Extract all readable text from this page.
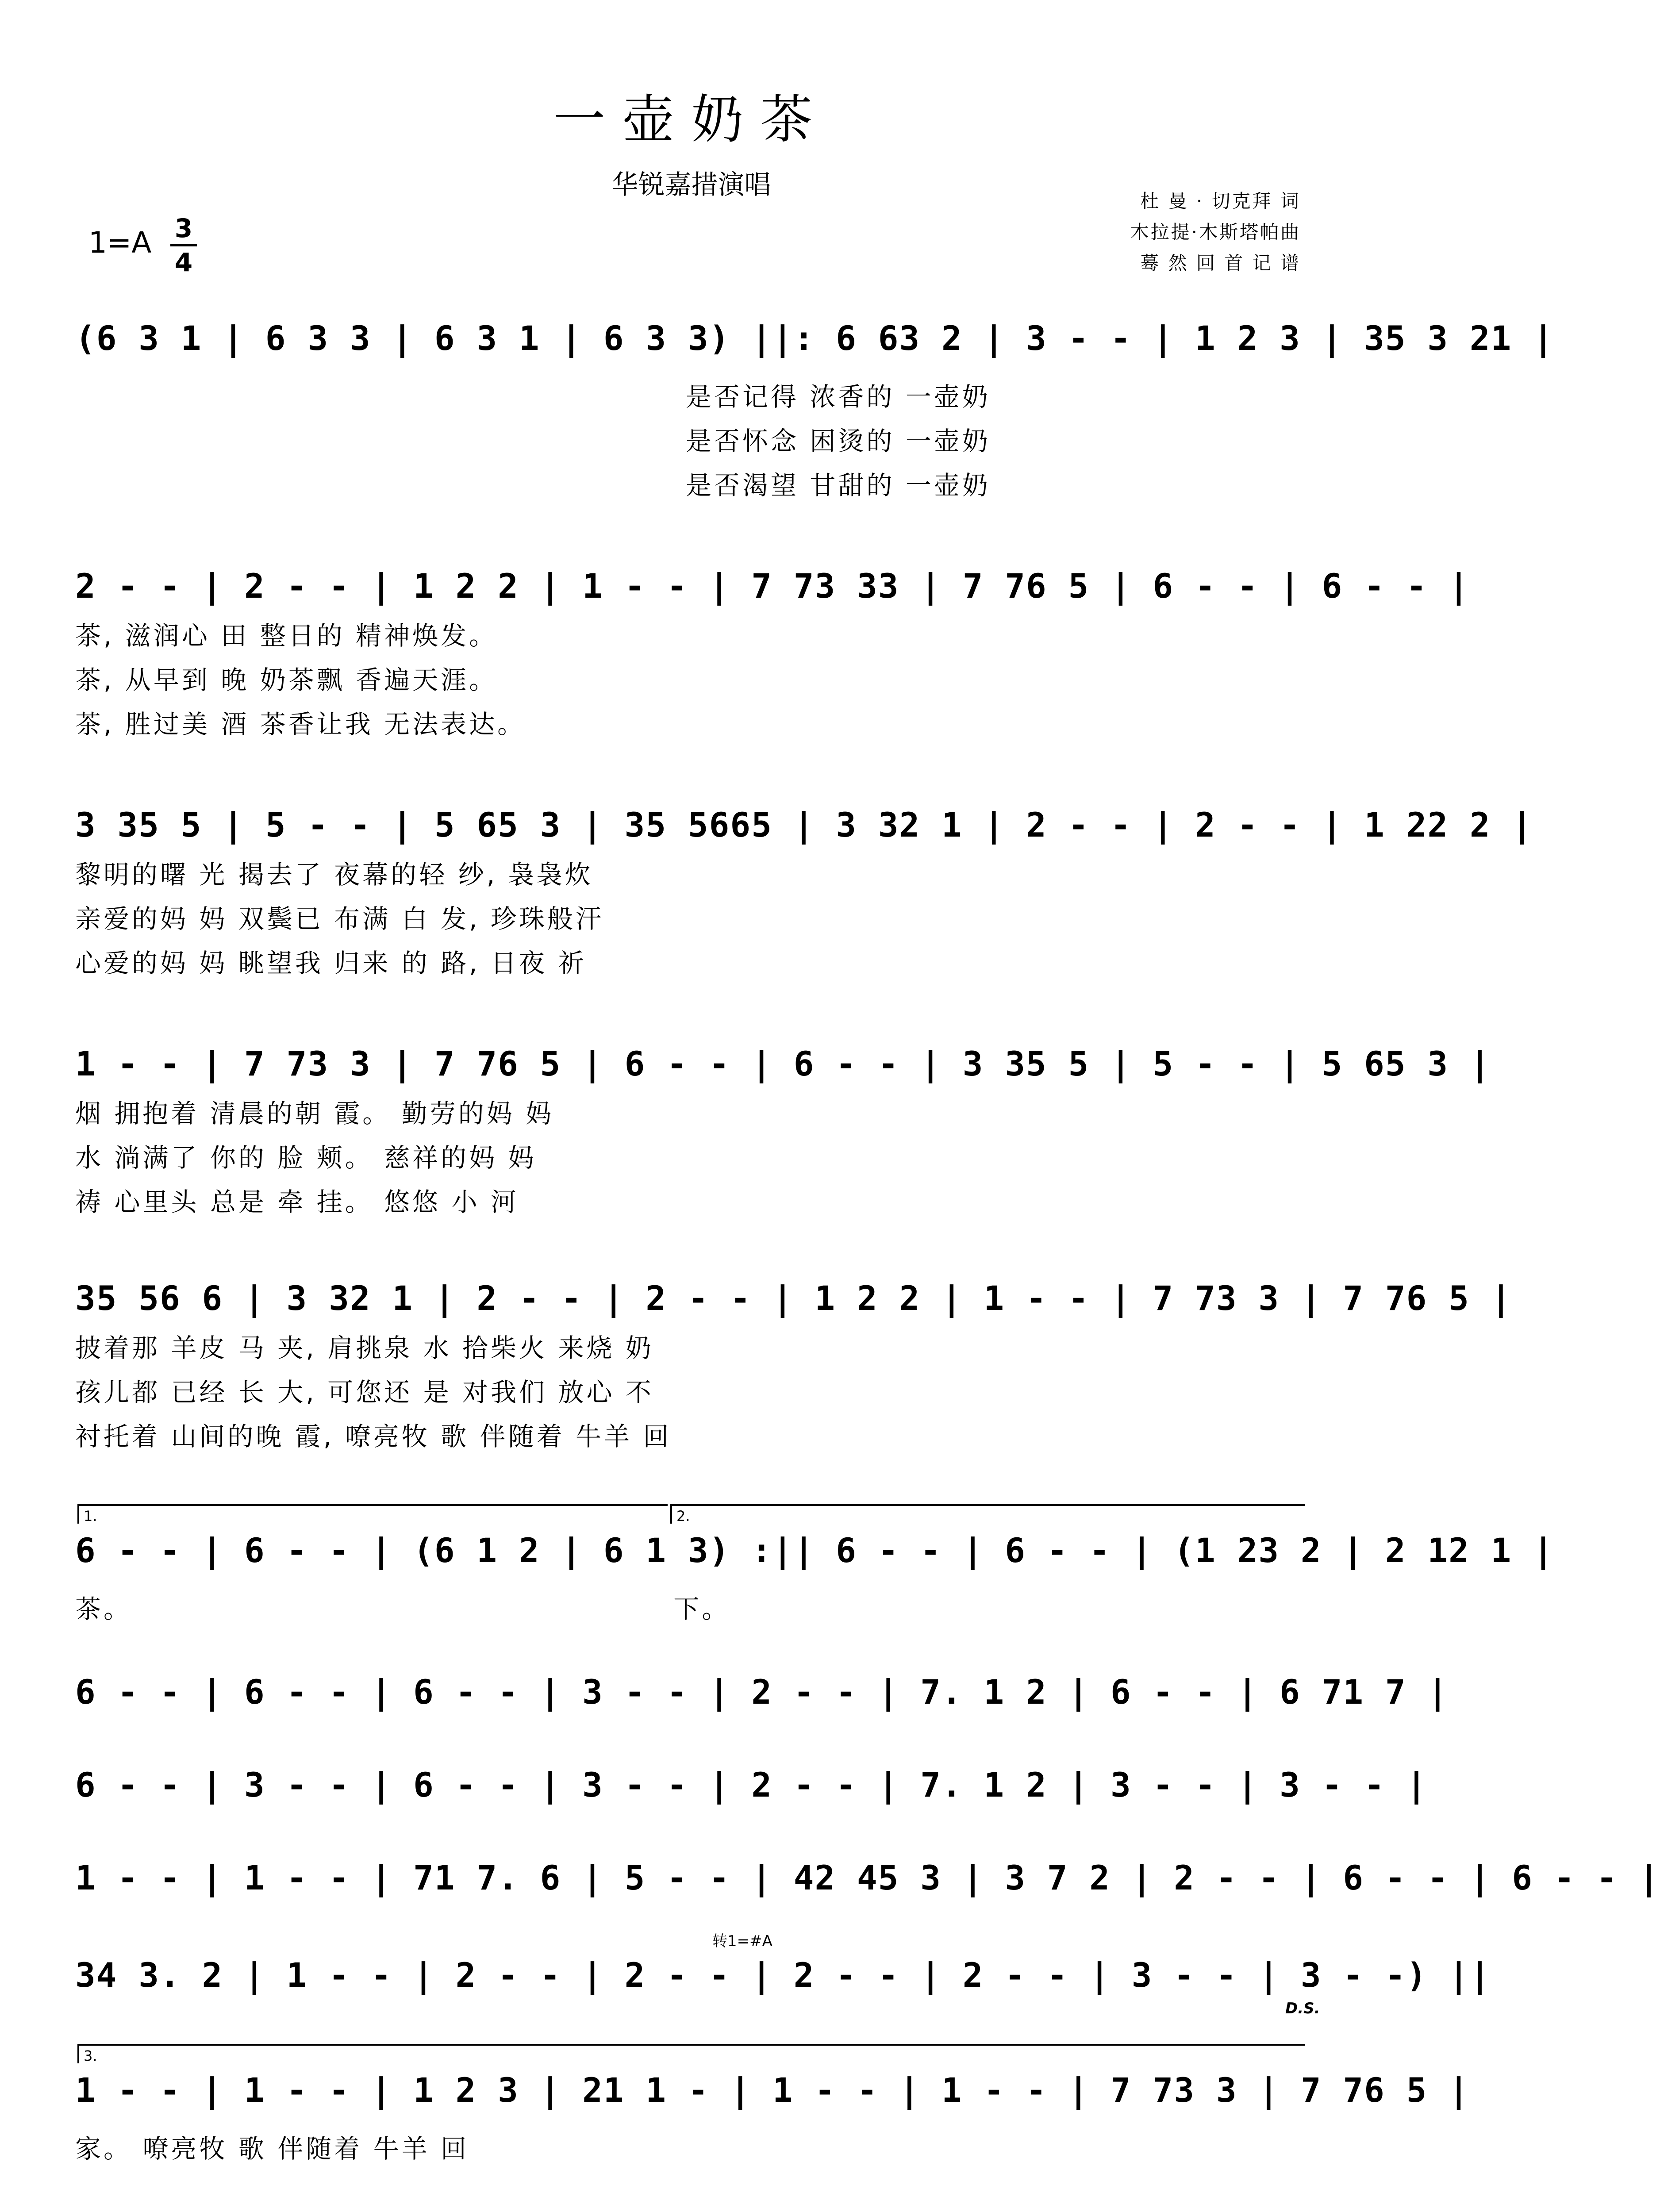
一壶奶茶
华锐嘉措演唱
杜 曼 · 切克拜 词
木拉提·木斯塔帕曲
蓦 然 回 首 记 谱
1=A 3
4
(6 3 1 | 6 3 3 | 6 3 1 | 6 3 3) ||: 6 63 2 | 3 - - | 1 2 3 | 35 3 21 |
是否记得 浓香的 一壶奶
是否怀念 困烫的 一壶奶
是否渴望 甘甜的 一壶奶
2 - - | 2 - - | 1 2 2 | 1 - - | 7 73 33 | 7 76 5 | 6 - - | 6 - - |
茶, 滋润心 田 整日的 精神焕发。
茶, 从早到 晚 奶茶飘 香遍天涯。
茶, 胜过美 酒 茶香让我 无法表达。
3 35 5 | 5 - - | 5 65 3 | 35 5665 | 3 32 1 | 2 - - | 2 - - | 1 22 2 |
黎明的曙 光 揭去了 夜幕的轻 纱, 袅袅炊
亲爱的妈 妈 双鬓已 布满 白 发, 珍珠般汗
心爱的妈 妈 眺望我 归来 的 路, 日夜 祈
1 - - | 7 73 3 | 7 76 5 | 6 - - | 6 - - | 3 35 5 | 5 - - | 5 65 3 |
烟 拥抱着 清晨的朝 霞。 勤劳的妈 妈
水 淌满了 你的 脸 颊。 慈祥的妈 妈
祷 心里头 总是 牵 挂。 悠悠 小 河
35 56 6 | 3 32 1 | 2 - - | 2 - - | 1 2 2 | 1 - - | 7 73 3 | 7 76 5 |
披着那 羊皮 马 夹, 肩挑泉 水 拾柴火 来烧 奶
孩儿都 已经 长 大, 可您还 是 对我们 放心 不
衬托着 山间的晚 霞, 嘹亮牧 歌 伴随着 牛羊 回
1.	2.
6 - - | 6 - - | (6 1 2 | 6 1 3) :|| 6 - - | 6 - - | (1 23 2 | 2 12 1 |
茶。 下。
6 - - | 6 - - | 6 - - | 3 - - | 2 - - | 7. 1 2 | 6 - - | 6 71 7 |
6 - - | 3 - - | 6 - - | 3 - - | 2 - - | 7. 1 2 | 3 - - | 3 - - |
1 - - | 1 - - | 71 7. 6 | 5 - - | 42 45 3 | 3 7 2 | 2 - - | 6 - - | 6 - - |
转1=#A
34 3. 2 | 1 - - | 2 - - | 2 - - | 2 - - | 2 - - | 3 - - | 3 - -) ||
D.S.
3.
1 - - | 1 - - | 1 2 3 | 21 1 - | 1 - - | 1 - - | 7 73 3 | 7 76 5 |
家。 嘹亮牧 歌 伴随着 牛羊 回
